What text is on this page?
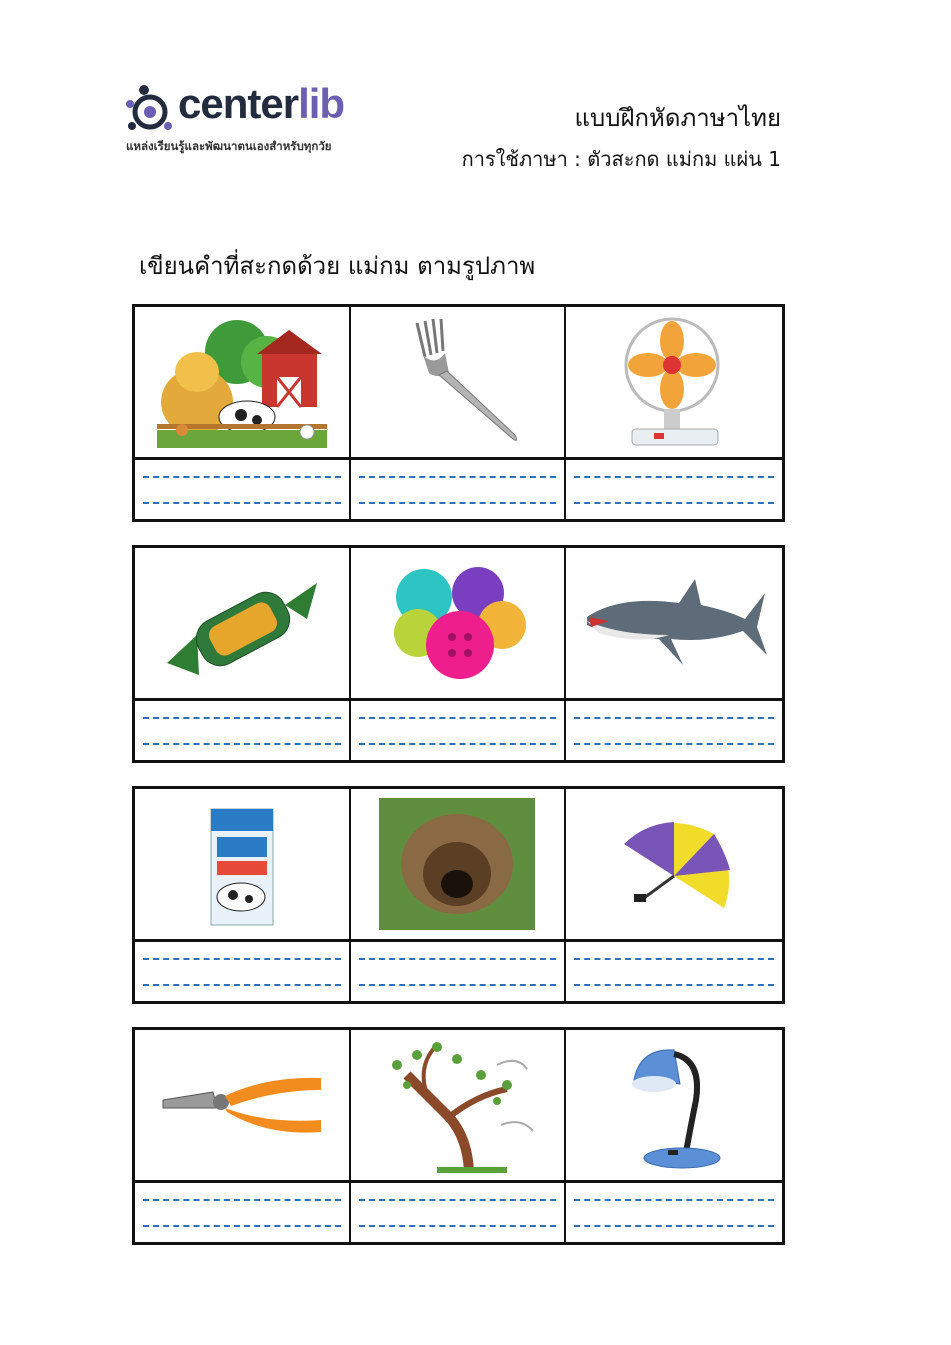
centerlib
แหล่งเรียนรู้และพัฒนาตนเองสำหรับทุกวัย
แบบฝึกหัดภาษาไทย
การใช้ภาษา : ตัวสะกด แม่กม แผ่น 1
เขียนคำที่สะกดด้วย แม่กม ตามรูปภาพ
